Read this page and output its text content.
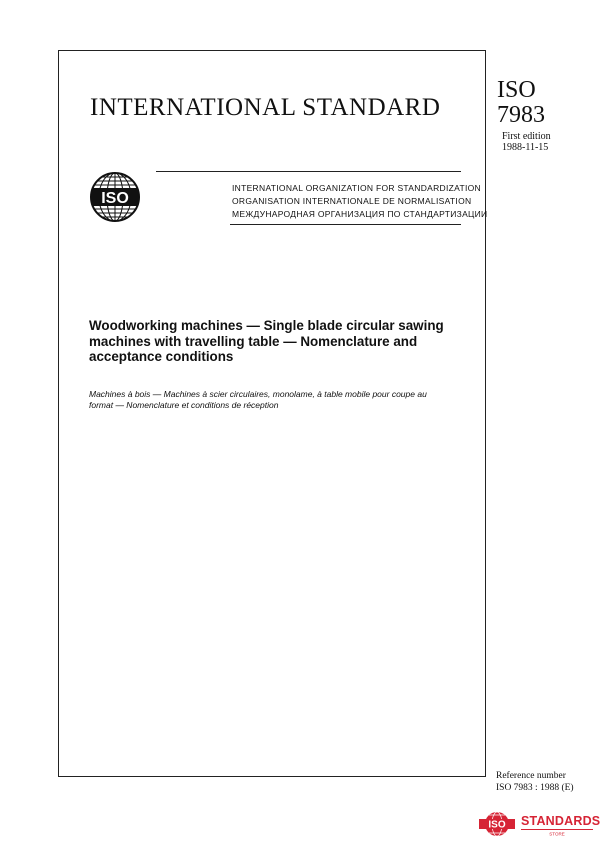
INTERNATIONAL STANDARD
ISO
7983
First edition
1988-11-15
ISO
INTERNATIONAL ORGANIZATION FOR STANDARDIZATION
ORGANISATION INTERNATIONALE DE NORMALISATION
МЕЖДУНАРОДНАЯ ОРГАНИЗАЦИЯ ПО СТАНДАРТИЗАЦИИ
Woodworking machines — Single blade circular sawing
machines with travelling table — Nomenclature and
acceptance conditions
Machines à bois — Machines à scier circulaires, monolame, à table mobile pour coupe au
format — Nomenclature et conditions de réception
Reference number
ISO 7983 : 1988 (E)
ISO STANDARDS
STORE
